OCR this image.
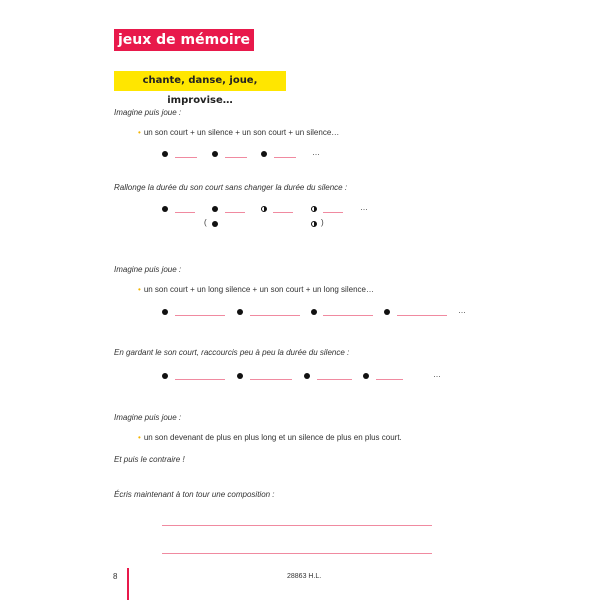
jeux de mémoire
chante, danse, joue, improvise…
Imagine puis joue :
• un son court + un silence + un son court + un silence…
…
Rallonge la durée du son court sans changer la durée du silence :
…
(	)
Imagine puis joue :
• un son court + un long silence + un son court + un long silence…
…
En gardant le son court, raccourcis peu à peu la durée du silence :
…
Imagine puis joue :
• un son devenant de plus en plus long et un silence de plus en plus court.
Et puis le contraire !
Écris maintenant à ton tour une composition :
8	28863 H.L.
